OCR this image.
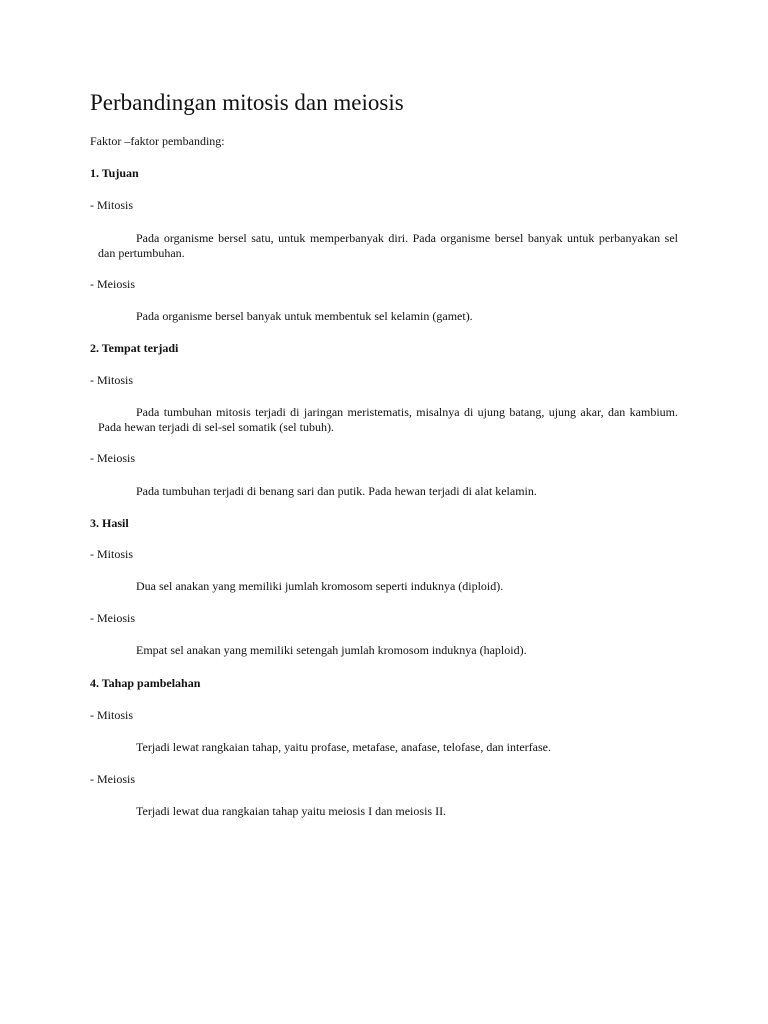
Perbandingan mitosis dan meiosis

Faktor –faktor pembanding:

1. Tujuan

- Mitosis

Pada organisme bersel satu, untuk memperbanyak diri. Pada organisme bersel banyak untuk perbanyakan sel dan pertumbuhan.

- Meiosis

Pada organisme bersel banyak untuk membentuk sel kelamin (gamet).

2. Tempat terjadi

- Mitosis

Pada tumbuhan mitosis terjadi di jaringan meristematis, misalnya di ujung batang, ujung akar, dan kambium. Pada hewan terjadi di sel-sel somatik (sel tubuh).

- Meiosis

Pada tumbuhan terjadi di benang sari dan putik. Pada hewan terjadi di alat kelamin.

3. Hasil

- Mitosis

Dua sel anakan yang memiliki jumlah kromosom seperti induknya (diploid).

- Meiosis

Empat sel anakan yang memiliki setengah jumlah kromosom induknya (haploid).

4. Tahap pambelahan

- Mitosis

Terjadi lewat rangkaian tahap, yaitu profase, metafase, anafase, telofase, dan interfase.

- Meiosis

Terjadi lewat dua rangkaian tahap yaitu meiosis I dan meiosis II.
